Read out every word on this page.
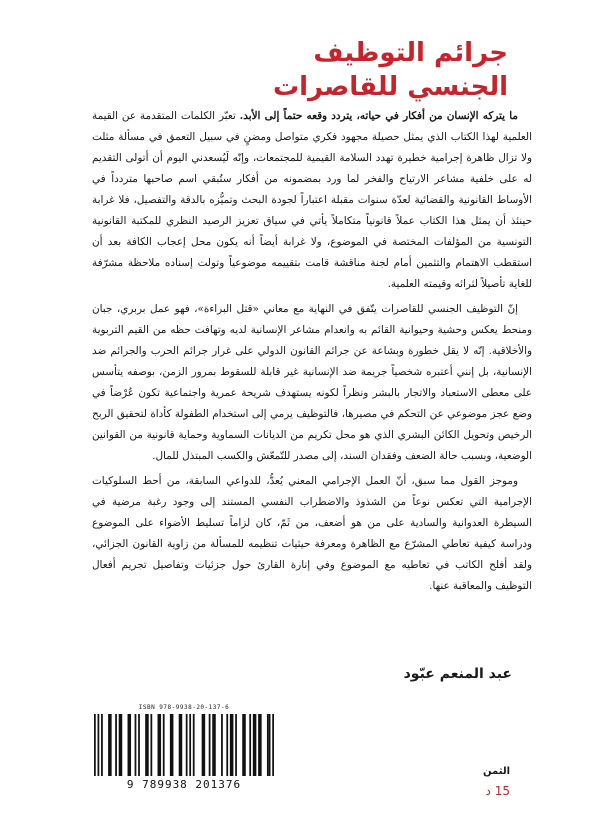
جرائم التوظيف
الجنسي للقاصرات

ما يتركه الإنسان من أفكار في حياته، يتردد وقعه حتماً إلى الأبد. تعبّر الكلمات المتقدمة عن القيمة العلمية لهذا الكتاب الذي يمثل حصيلة مجهود فكري متواصل ومضنٍ في سبيل التعمق في مسألة مثلت ولا تزال ظاهرة إجرامية خطيرة تهدد السلامة القيمية للمجتمعات، وإنّه لَيُسعدني اليوم أن أتولى التقديم له على خلفية مشاعر الارتياح والفخر لما ورد بمضمونه من أفكار ستُبقي اسم صاحبها متردداً في الأوساط القانونية والقضائية لعدّة سنوات مقبلة اعتباراً لجودة البحث وتميُّزه بالدقة والتفصيل، فلا غرابة حينئذ أن يمثل هذا الكتاب عملاً قانونياً متكاملاً يأتي في سياق تعزيز الرصيد النظري للمكتبة القانونية التونسية من المؤلفات المختصة في الموضوع، ولا غرابة أيضاً أنه يكون محل إعجاب الكافة بعد أن استقطب الاهتمام والتثمين أمام لجنة مناقشة قامت بتقييمه موضوعياً وتولت إسناده ملاحظة مشرّفة للغاية تأصيلاً لثرائه وقيمته العلمية.

إنّ التوظيف الجنسي للقاصرات يتّفق في النهاية مع معاني «قتل البراءة»، فهو عمل بربري، جبان ومنحط يعكس وحشية وحيوانية القائم به وانعدام مشاعر الإنسانية لديه وتهافت حظه من القيم التربوية والأخلاقية. إنّه لا يقل خطورة وبشاعة عن جرائم القانون الدولي على غرار جرائم الحرب والجرائم ضد الإنسانية، بل إنني أعتبره شخصياً جريمة ضد الإنسانية غير قابلة للسقوط بمرور الزمن، بوصفه يتأسس على معطى الاستعباد والاتجار بالبشر ونظراً لكونه يستهدف شريحة عمرية واجتماعية تكون عُرْضاً في وضع عجز موضوعي عن التحكم في مصيرها، فالتوظيف يرمي إلى استخدام الطفولة كأداة لتحقيق الربح الرخيص وتحويل الكائن البشري الذي هو محل تكريم من الديانات السماوية وحماية قانونية من القوانين الوضعية، وبسبب حالة الضعف وفقدان السند، إلى مصدر للتّمعّش والكسب المبتذل للمال.

وموجز القول مما سبق، أنّ العمل الإجرامي المعني يُعدُّ، للدواعي السابقة، من أحط السلوكيات الإجرامية التي تعكس نوعاً من الشذوذ والاضطراب النفسي المستند إلى وجود رغبة مرضية في السيطرة العدوانية والسادية على من هو أضعف، من ثَمّ، كان لزاماً تسليط الأضواء على الموضوع ودراسة كيفية تعاطي المشرّع مع الظاهرة ومعرفة حيثيات تنظيمه للمسألة من زاوية القانون الجزائي، ولقد أفلح الكاتب في تعاطيه مع الموضوع وفي إنارة القارئ حول جزئيات وتفاصيل تجريم أفعال التوظيف والمعاقبة عنها.

عبد المنعم عبّود
ISBN 978-9938-20-137-6
9 789938 201376
الثمن
15 د
